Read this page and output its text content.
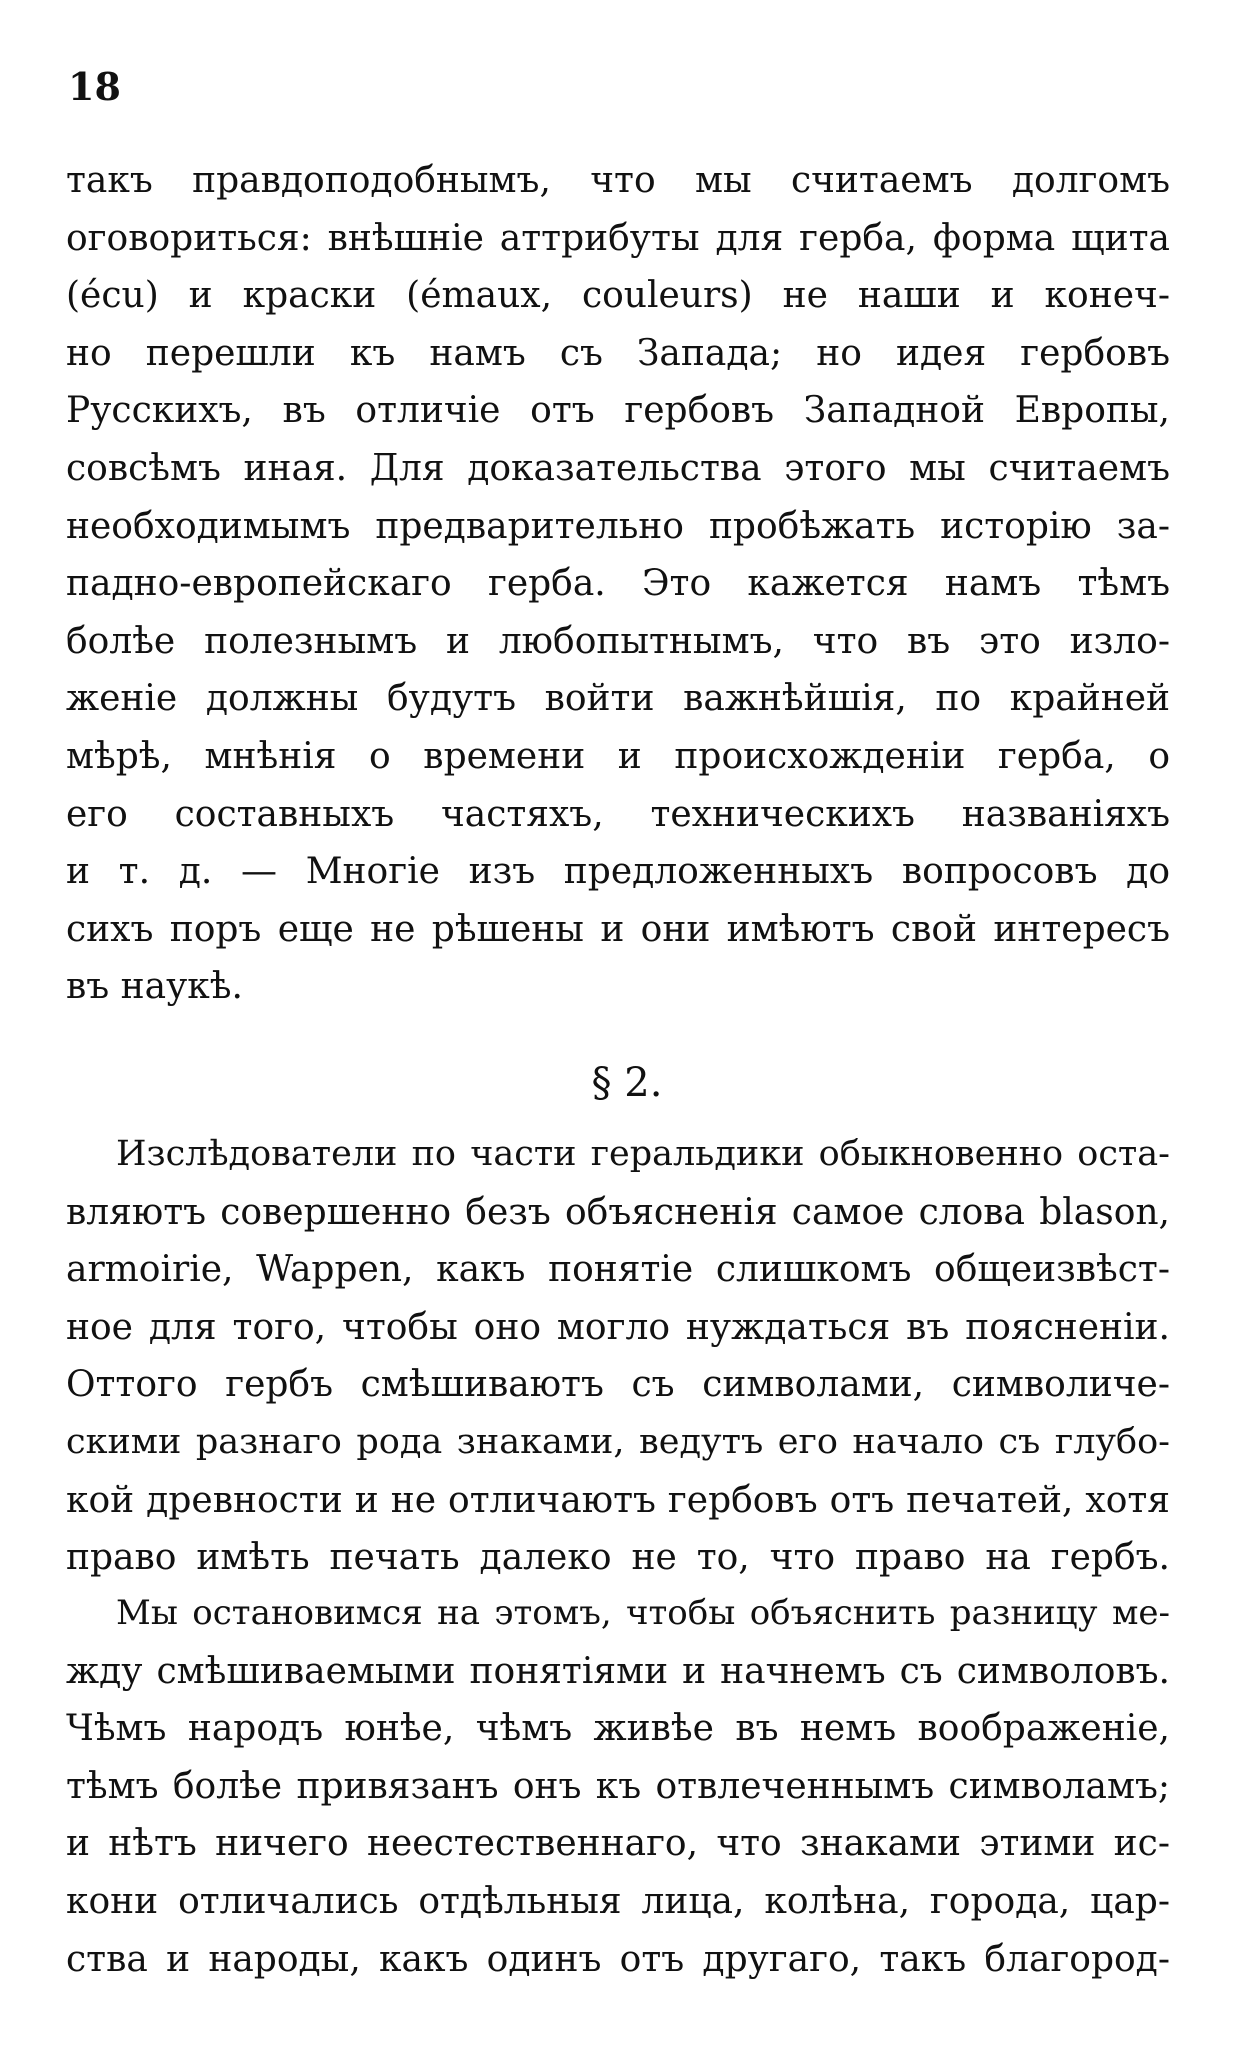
18
такъ правдоподобнымъ, что мы считаемъ долгомъ
оговориться: внѣшніе аттрибуты для герба, форма щита
(écu) и краски (émaux, couleurs) не наши и конеч-
но перешли къ намъ съ Запада; но идея гербовъ
Русскихъ, въ отличіе отъ гербовъ Западной Европы,
совсѣмъ иная. Для доказательства этого мы считаемъ
необходимымъ предварительно пробѣжать исторію за-
падно-европейскаго герба. Это кажется намъ тѣмъ
болѣе полезнымъ и любопытнымъ, что въ это изло-
женіе должны будутъ войти важнѣйшія, по крайней
мѣрѣ, мнѣнія о времени и происхожденіи герба, о
его составныхъ частяхъ, техническихъ названіяхъ
и т. д. — Многіе изъ предложенныхъ вопросовъ до
сихъ поръ еще не рѣшены и они имѣютъ свой интересъ
въ наукѣ.
§ 2.
Изслѣдователи по части геральдики обыкновенно оста-
вляютъ совершенно безъ объясненія самое слова blason,
armoirie, Wappen, какъ понятіе слишкомъ общеизвѣст-
ное для того, чтобы оно могло нуждаться въ поясненіи.
Оттого гербъ смѣшиваютъ съ символами, символиче-
скими разнаго рода знаками, ведутъ его начало съ глубо-
кой древности и не отличаютъ гербовъ отъ печатей, хотя
право имѣть печать далеко не то, что право на гербъ.
Мы остановимся на этомъ, чтобы объяснить разницу ме-
жду смѣшиваемыми понятіями и начнемъ съ символовъ.
Чѣмъ народъ юнѣе, чѣмъ живѣе въ немъ воображеніе,
тѣмъ болѣе привязанъ онъ къ отвлеченнымъ символамъ;
и нѣтъ ничего неестественнаго, что знаками этими ис-
кони отличались отдѣльныя лица, колѣна, города, цар-
ства и народы, какъ одинъ отъ другаго, такъ благород-
